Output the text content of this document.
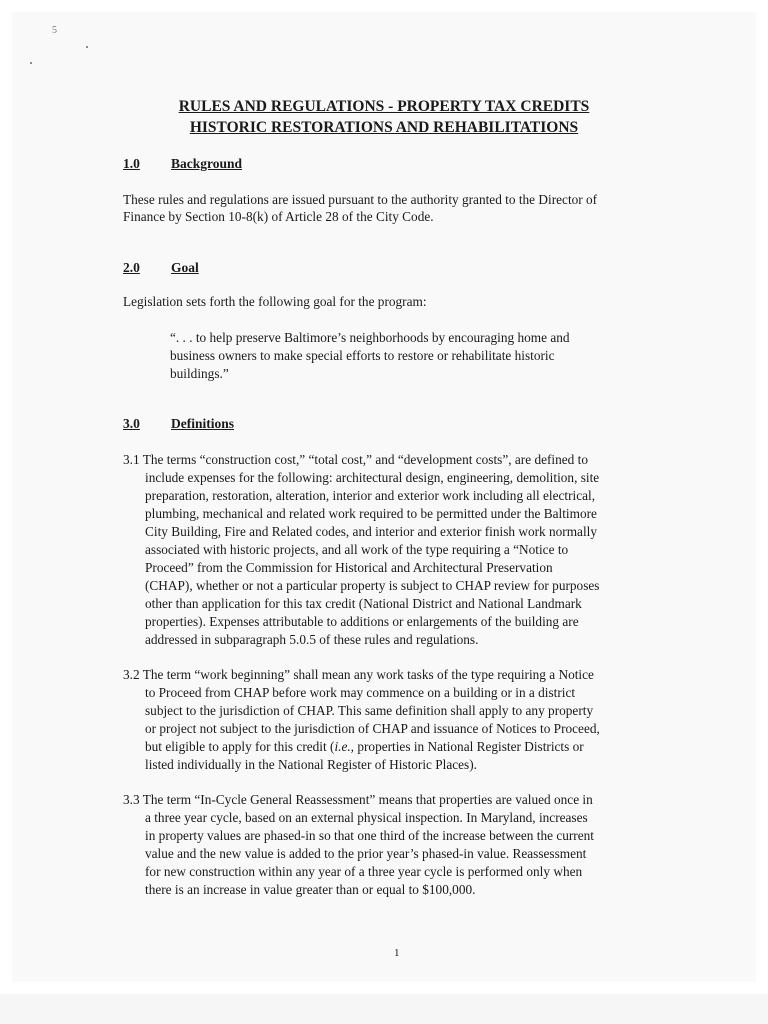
5
RULES AND REGULATIONS - PROPERTY TAX CREDITS
HISTORIC RESTORATIONS AND REHABILITATIONS
1.0 Background
These rules and regulations are issued pursuant to the authority granted to the Director of
Finance by Section 10-8(k) of Article 28 of the City Code.
2.0 Goal
Legislation sets forth the following goal for the program:
“. . . to help preserve Baltimore’s neighborhoods by encouraging home and
business owners to make special efforts to restore or rehabilitate historic
buildings.”
3.0 Definitions
3.1 The terms “construction cost,” “total cost,” and “development costs”, are defined to
include expenses for the following: architectural design, engineering, demolition, site
preparation, restoration, alteration, interior and exterior work including all electrical,
plumbing, mechanical and related work required to be permitted under the Baltimore
City Building, Fire and Related codes, and interior and exterior finish work normally
associated with historic projects, and all work of the type requiring a “Notice to
Proceed” from the Commission for Historical and Architectural Preservation
(CHAP), whether or not a particular property is subject to CHAP review for purposes
other than application for this tax credit (National District and National Landmark
properties). Expenses attributable to additions or enlargements of the building are
addressed in subparagraph 5.0.5 of these rules and regulations.
3.2 The term “work beginning” shall mean any work tasks of the type requiring a Notice
to Proceed from CHAP before work may commence on a building or in a district
subject to the jurisdiction of CHAP. This same definition shall apply to any property
or project not subject to the jurisdiction of CHAP and issuance of Notices to Proceed,
but eligible to apply for this credit (i.e., properties in National Register Districts or
listed individually in the National Register of Historic Places).
3.3 The term “In-Cycle General Reassessment” means that properties are valued once in
a three year cycle, based on an external physical inspection. In Maryland, increases
in property values are phased-in so that one third of the increase between the current
value and the new value is added to the prior year’s phased-in value. Reassessment
for new construction within any year of a three year cycle is performed only when
there is an increase in value greater than or equal to $100,000.
1
